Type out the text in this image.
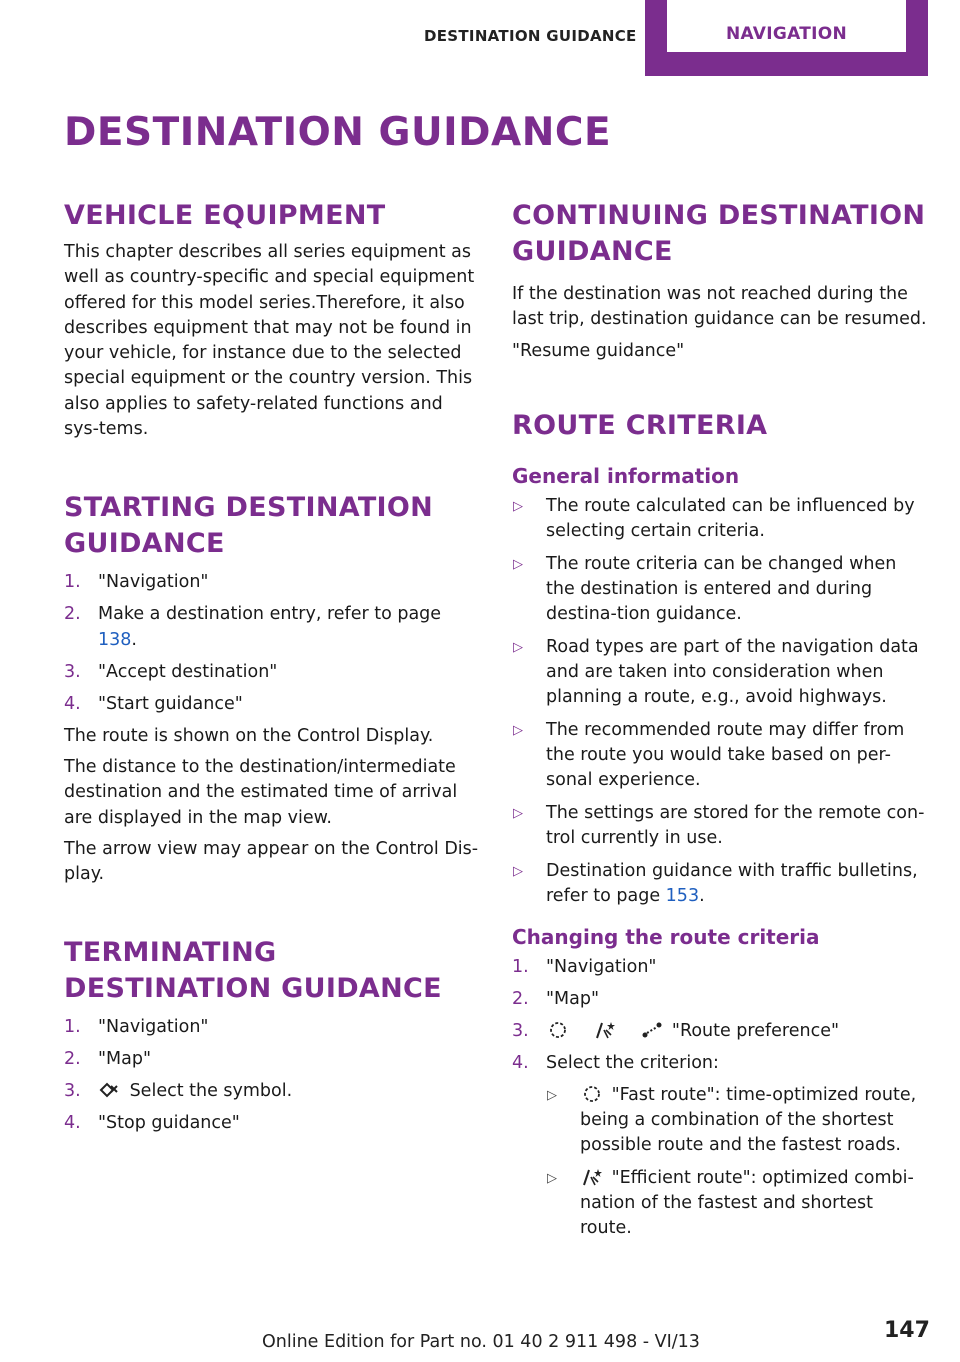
DESTINATION GUIDANCE	NAVIGATION
DESTINATION GUIDANCE
VEHICLE EQUIPMENT

This chapter describes all series equipment as well as country-specific and special equipment offered for this model series.Therefore, it also describes equipment that may not be found in your vehicle, for instance due to the selected special equipment or the country version. This also applies to safety-related functions and sys-tems.

STARTING DESTINATION GUIDANCE
1. "Navigation"
2. Make a destination entry, refer to page 138.
3. "Accept destination"
4. "Start guidance"

The route is shown on the Control Display.

The distance to the destination/intermediate destination and the estimated time of arrival are displayed in the map view.

The arrow view may appear on the Control Dis-play.

TERMINATING DESTINATION GUIDANCE
1. "Navigation"
2. "Map"
3.	Select the symbol.
4. "Stop guidance"
CONTINUING DESTINATION GUIDANCE

If the destination was not reached during the last trip, destination guidance can be resumed.

"Resume guidance"

ROUTE CRITERIA
General information
▷ The route calculated can be influenced by selecting certain criteria.
▷ The route criteria can be changed when the destination is entered and during destina-tion guidance.
▷ Road types are part of the navigation data and are taken into consideration when planning a route, e.g., avoid highways.
▷ The recommended route may differ from the route you would take based on per-sonal experience.
▷ The settings are stored for the remote con-trol currently in use.
▷ Destination guidance with traffic bulletins, refer to page 153.
Changing the route criteria
1. "Navigation"
2. "Map"
3.	"Route preference"
4. Select the criterion:
▷	"Fast route": time-optimized route, being a combination of the shortest possible route and the fastest roads.
▷	"Efficient route": optimized combi-nation of the fastest and shortest route.
Online Edition for Part no. 01 40 2 911 498 - VI/13	147
